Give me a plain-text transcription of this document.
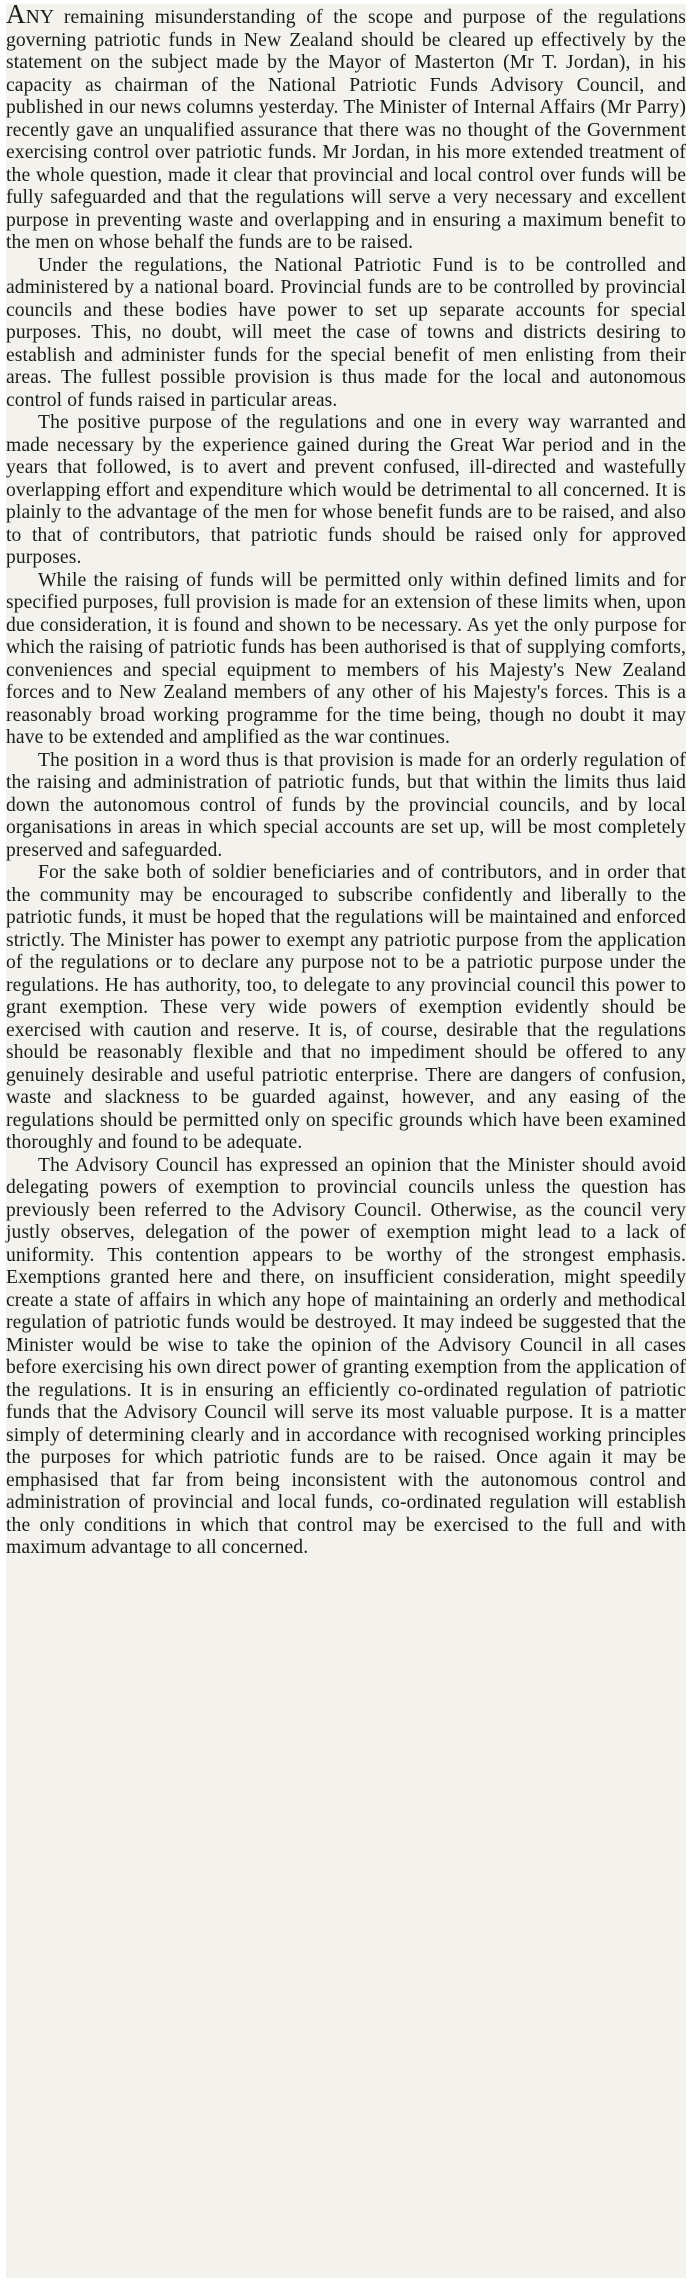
ANY remaining misunderstanding of the scope and purpose of the regulations governing patriotic funds in New Zealand should be cleared up effectively by the statement on the subject made by the Mayor of Masterton (Mr T. Jordan), in his capacity as chairman of the National Patriotic Funds Advisory Council, and published in our news columns yesterday. The Minister of Internal Affairs (Mr Parry) recently gave an unqualified assurance that there was no thought of the Government exercising control over patriotic funds. Mr Jordan, in his more extended treatment of the whole question, made it clear that provincial and local control over funds will be fully safeguarded and that the regulations will serve a very necessary and excellent purpose in preventing waste and overlapping and in ensuring a maximum benefit to the men on whose behalf the funds are to be raised.

Under the regulations, the National Patriotic Fund is to be controlled and administered by a national board. Provincial funds are to be controlled by provincial councils and these bodies have power to set up separate accounts for special purposes. This, no doubt, will meet the case of towns and districts desiring to establish and administer funds for the special benefit of men enlisting from their areas. The fullest possible provision is thus made for the local and autonomous control of funds raised in particular areas.

The positive purpose of the regulations and one in every way warranted and made necessary by the experience gained during the Great War period and in the years that followed, is to avert and prevent confused, ill-directed and wastefully overlapping effort and expenditure which would be detrimental to all concerned. It is plainly to the advantage of the men for whose benefit funds are to be raised, and also to that of contributors, that patriotic funds should be raised only for approved purposes.

While the raising of funds will be permitted only within defined limits and for specified purposes, full provision is made for an extension of these limits when, upon due consideration, it is found and shown to be necessary. As yet the only purpose for which the raising of patriotic funds has been authorised is that of supplying comforts, conveniences and special equipment to members of his Majesty's New Zealand forces and to New Zealand members of any other of his Majesty's forces. This is a reasonably broad working programme for the time being, though no doubt it may have to be extended and amplified as the war continues.

The position in a word thus is that provision is made for an orderly regulation of the raising and administration of patriotic funds, but that within the limits thus laid down the autonomous control of funds by the provincial councils, and by local organisations in areas in which special accounts are set up, will be most completely preserved and safeguarded.

For the sake both of soldier beneficiaries and of contributors, and in order that the community may be encouraged to subscribe confidently and liberally to the patriotic funds, it must be hoped that the regulations will be maintained and enforced strictly. The Minister has power to exempt any patriotic purpose from the application of the regulations or to declare any purpose not to be a patriotic purpose under the regulations. He has authority, too, to delegate to any provincial council this power to grant exemption. These very wide powers of exemption evidently should be exercised with caution and reserve. It is, of course, desirable that the regulations should be reasonably flexible and that no impediment should be offered to any genuinely desirable and useful patriotic enterprise. There are dangers of confusion, waste and slackness to be guarded against, however, and any easing of the regulations should be permitted only on specific grounds which have been examined thoroughly and found to be adequate.

The Advisory Council has expressed an opinion that the Minister should avoid delegating powers of exemption to provincial councils unless the question has previously been referred to the Advisory Council. Otherwise, as the council very justly observes, delegation of the power of exemption might lead to a lack of uniformity. This contention appears to be worthy of the strongest emphasis. Exemptions granted here and there, on insufficient consideration, might speedily create a state of affairs in which any hope of maintaining an orderly and methodical regulation of patriotic funds would be destroyed. It may indeed be suggested that the Minister would be wise to take the opinion of the Advisory Council in all cases before exercising his own direct power of granting exemption from the application of the regulations. It is in ensuring an efficiently co-ordinated regulation of patriotic funds that the Advisory Council will serve its most valuable purpose. It is a matter simply of determining clearly and in accordance with recognised working principles the purposes for which patriotic funds are to be raised. Once again it may be emphasised that far from being inconsistent with the autonomous control and administration of provincial and local funds, co-ordinated regulation will establish the only conditions in which that control may be exercised to the full and with maximum advantage to all concerned.
